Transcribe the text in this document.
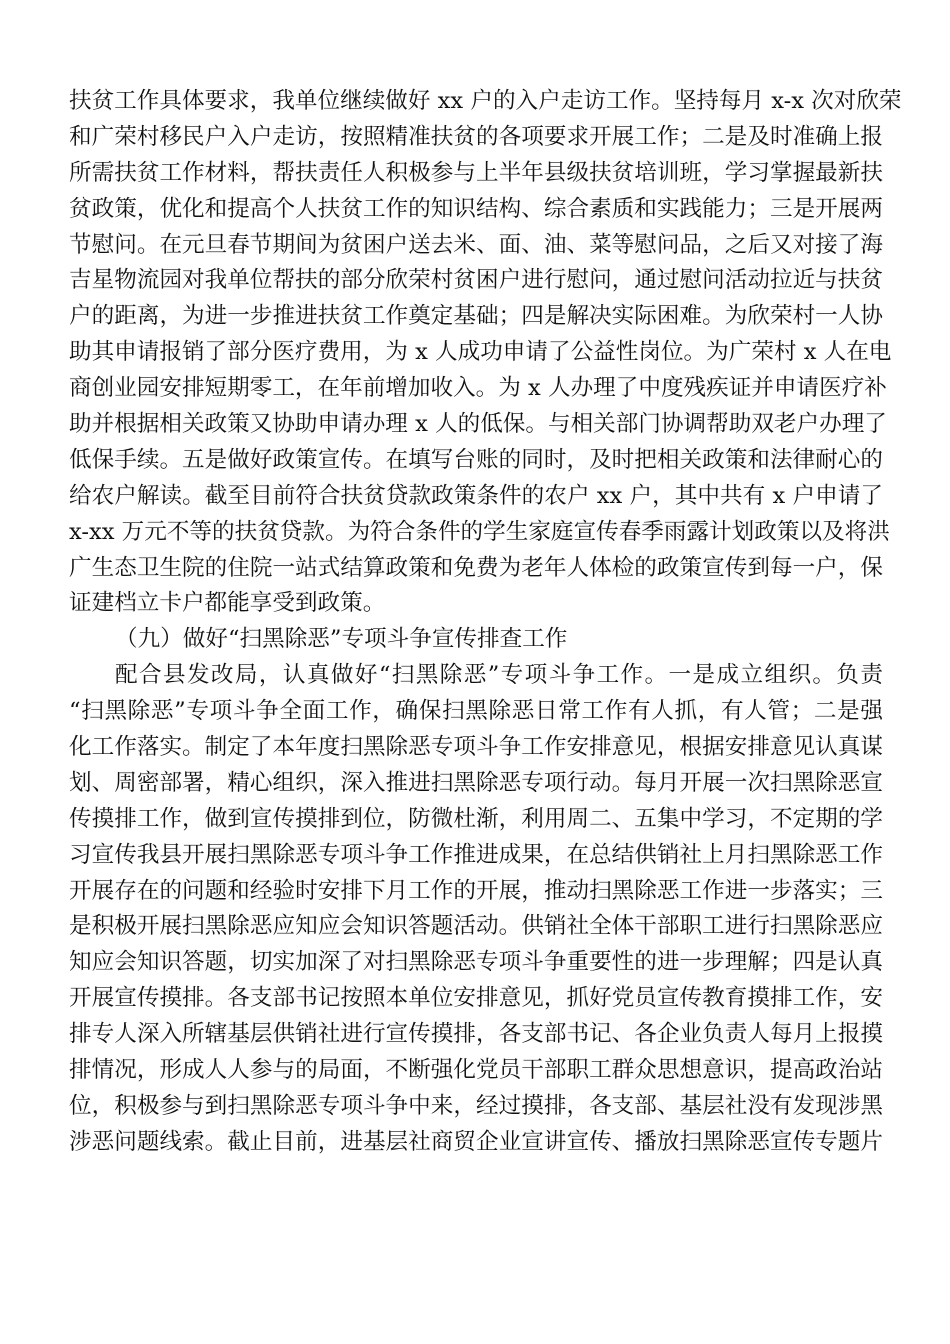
扶贫工作具体要求，我单位继续做好 xx 户的入户走访工作。坚持每月 x-x 次对欣荣
和广荣村移民户入户走访，按照精准扶贫的各项要求开展工作；二是及时准确上报
所需扶贫工作材料，帮扶责任人积极参与上半年县级扶贫培训班，学习掌握最新扶
贫政策，优化和提高个人扶贫工作的知识结构、综合素质和实践能力；三是开展两
节慰问。在元旦春节期间为贫困户送去米、面、油、菜等慰问品，之后又对接了海
吉星物流园对我单位帮扶的部分欣荣村贫困户进行慰问，通过慰问活动拉近与扶贫
户的距离，为进一步推进扶贫工作奠定基础；四是解决实际困难。为欣荣村一人协
助其申请报销了部分医疗费用，为 x 人成功申请了公益性岗位。为广荣村 x 人在电
商创业园安排短期零工，在年前增加收入。为 x 人办理了中度残疾证并申请医疗补
助并根据相关政策又协助申请办理 x 人的低保。与相关部门协调帮助双老户办理了
低保手续。五是做好政策宣传。在填写台账的同时，及时把相关政策和法律耐心的
给农户解读。截至目前符合扶贫贷款政策条件的农户 xx 户，其中共有 x 户申请了
x-xx 万元不等的扶贫贷款。为符合条件的学生家庭宣传春季雨露计划政策以及将洪
广生态卫生院的住院一站式结算政策和免费为老年人体检的政策宣传到每一户，保
证建档立卡户都能享受到政策。
（九）做好“扫黑除恶”专项斗争宣传排查工作
配合县发改局，认真做好“扫黑除恶”专项斗争工作。一是成立组织。负责
“扫黑除恶”专项斗争全面工作，确保扫黑除恶日常工作有人抓，有人管；二是强
化工作落实。制定了本年度扫黑除恶专项斗争工作安排意见，根据安排意见认真谋
划、周密部署，精心组织，深入推进扫黑除恶专项行动。每月开展一次扫黑除恶宣
传摸排工作，做到宣传摸排到位，防微杜渐，利用周二、五集中学习，不定期的学
习宣传我县开展扫黑除恶专项斗争工作推进成果，在总结供销社上月扫黑除恶工作
开展存在的问题和经验时安排下月工作的开展，推动扫黑除恶工作进一步落实；三
是积极开展扫黑除恶应知应会知识答题活动。供销社全体干部职工进行扫黑除恶应
知应会知识答题，切实加深了对扫黑除恶专项斗争重要性的进一步理解；四是认真
开展宣传摸排。各支部书记按照本单位安排意见，抓好党员宣传教育摸排工作，安
排专人深入所辖基层供销社进行宣传摸排，各支部书记、各企业负责人每月上报摸
排情况，形成人人参与的局面，不断强化党员干部职工群众思想意识，提高政治站
位，积极参与到扫黑除恶专项斗争中来，经过摸排，各支部、基层社没有发现涉黑
涉恶问题线索。截止目前，进基层社商贸企业宣讲宣传、播放扫黑除恶宣传专题片
